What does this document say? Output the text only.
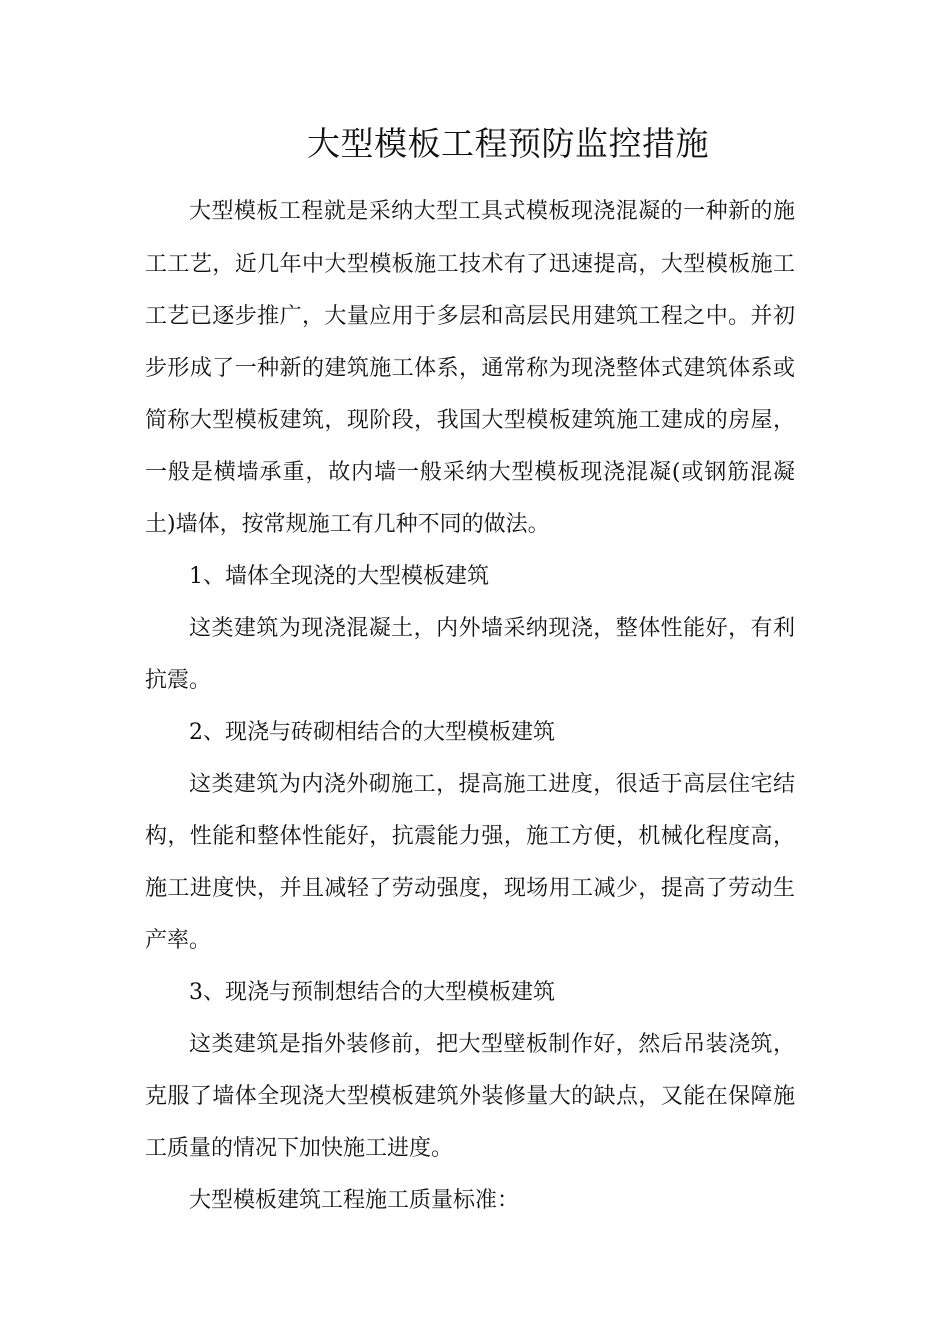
大型模板工程预防监控措施
大型模板工程就是采纳大型工具式模板现浇混凝的一种新的施
工工艺，近几年中大型模板施工技术有了迅速提高，大型模板施工
工艺已逐步推广，大量应用于多层和高层民用建筑工程之中。并初
步形成了一种新的建筑施工体系，通常称为现浇整体式建筑体系或
简称大型模板建筑，现阶段，我国大型模板建筑施工建成的房屋，
一般是横墙承重，故内墙一般采纳大型模板现浇混凝(或钢筋混凝
土)墙体，按常规施工有几种不同的做法。
1、墙体全现浇的大型模板建筑
这类建筑为现浇混凝土，内外墙采纳现浇，整体性能好，有利
抗震。
2、现浇与砖砌相结合的大型模板建筑
这类建筑为内浇外砌施工，提高施工进度，很适于高层住宅结
构，性能和整体性能好，抗震能力强，施工方便，机械化程度高，
施工进度快，并且减轻了劳动强度，现场用工减少，提高了劳动生
产率。
3、现浇与预制想结合的大型模板建筑
这类建筑是指外装修前，把大型壁板制作好，然后吊装浇筑，
克服了墙体全现浇大型模板建筑外装修量大的缺点，又能在保障施
工质量的情况下加快施工进度。
大型模板建筑工程施工质量标准：
